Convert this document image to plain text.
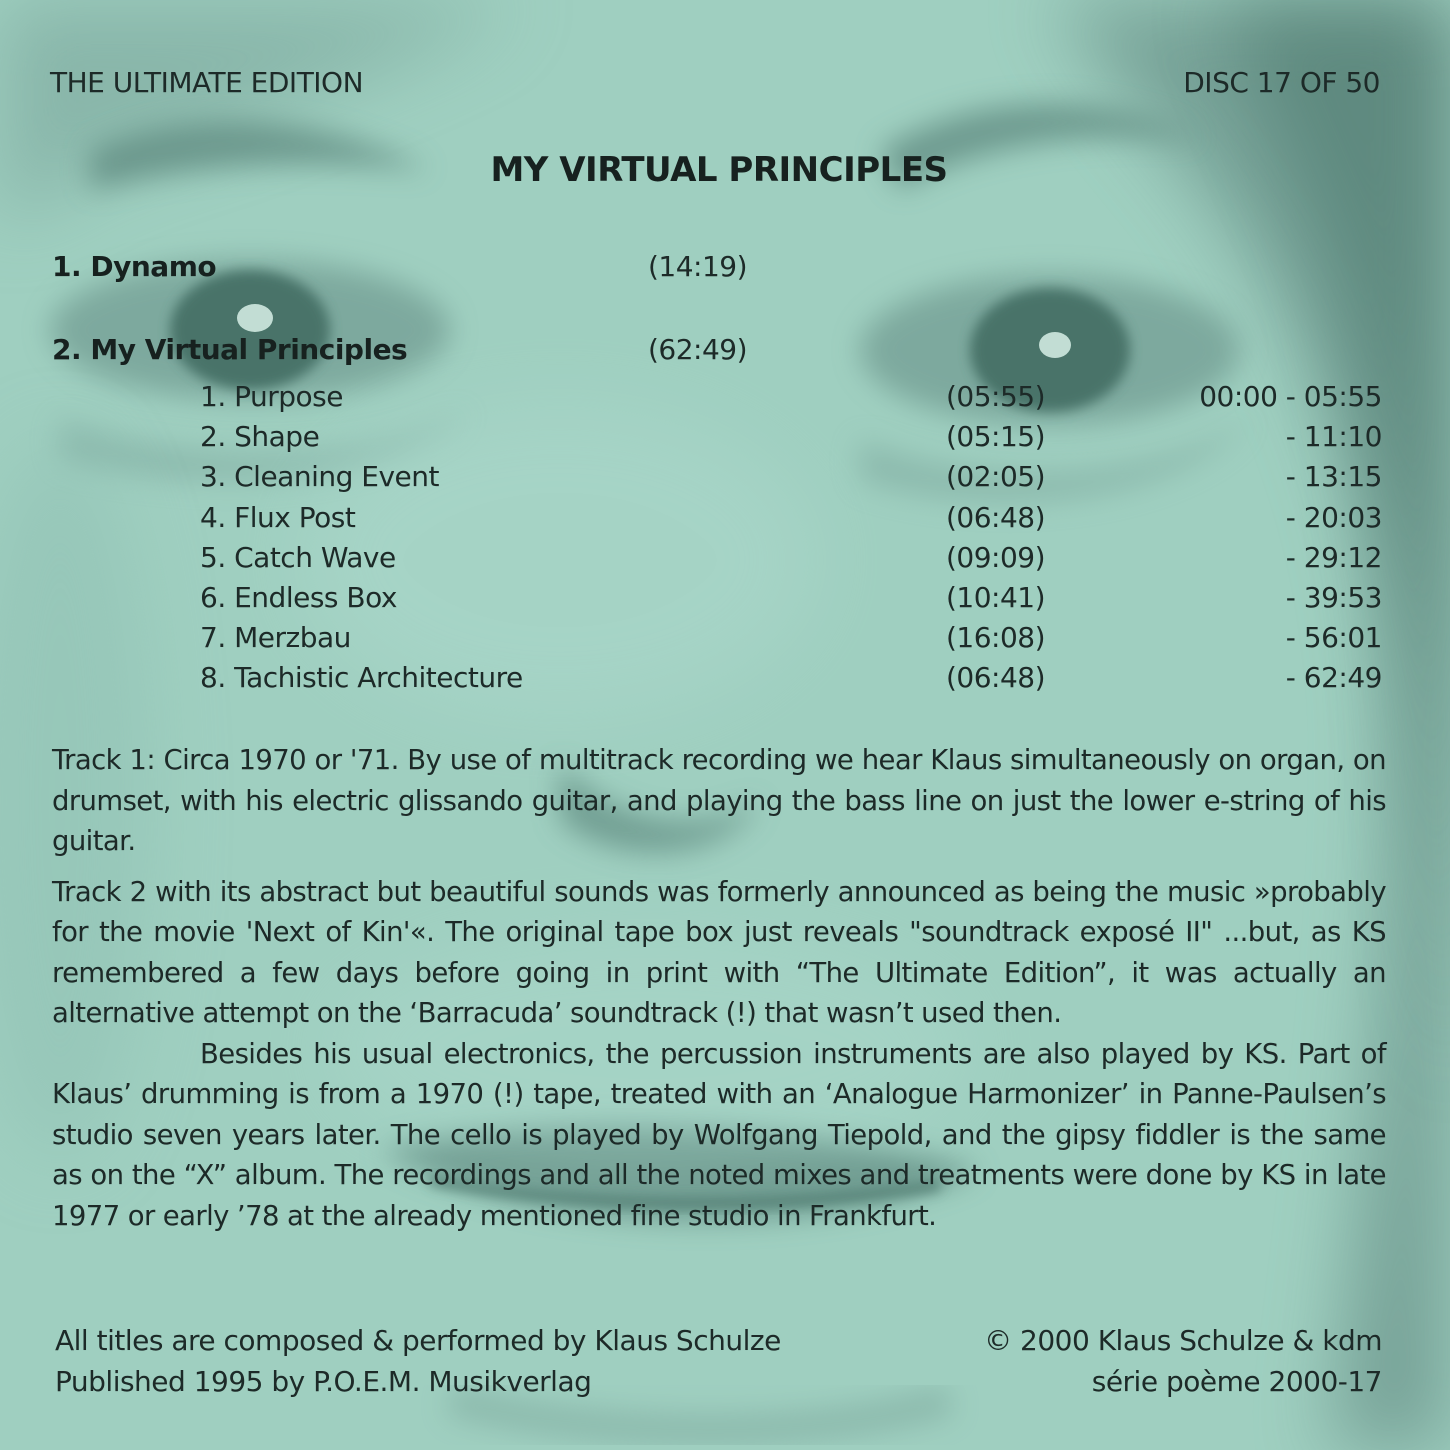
THE ULTIMATE EDITION	DISC 17 OF 50
MY VIRTUAL PRINCIPLES
1. Dynamo	(14:19)
2. My Virtual Principles	(62:49)
1. Purpose	(05:55)	00:00 - 05:55
2. Shape	(05:15)	- 11:10
3. Cleaning Event	(02:05)	- 13:15
4. Flux Post	(06:48)	- 20:03
5. Catch Wave	(09:09)	- 29:12
6. Endless Box	(10:41)	- 39:53
7. Merzbau	(16:08)	- 56:01
8. Tachistic Architecture	(06:48)	- 62:49

Track 1: Circa 1970 or '71. By use of multitrack recording we hear Klaus simultaneously on organ, on drumset, with his electric glissando guitar, and playing the bass line on just the lower e-string of his guitar.

Track 2 with its abstract but beautiful sounds was formerly announced as being the music »probably for the movie 'Next of Kin'«. The original tape box just reveals "soundtrack exposé II" ...but, as KS remembered a few days before going in print with “The Ultimate Edition”, it was actually an alternative attempt on the ‘Barracuda’ soundtrack (!) that wasn’t used then.

Besides his usual electronics, the percussion instruments are also played by KS. Part of Klaus’ drumming is from a 1970 (!) tape, treated with an ‘Analogue Harmonizer’ in Panne-Paulsen’s studio seven years later. The cello is played by Wolfgang Tiepold, and the gipsy fiddler is the same as on the “X” album. The recordings and all the noted mixes and treatments were done by KS in late 1977 or early ’78 at the already mentioned fine studio in Frankfurt.

All titles are composed & performed by Klaus Schulze
Published 1995 by P.O.E.M. Musikverlag
© 2000 Klaus Schulze & kdm
série poème 2000-17
